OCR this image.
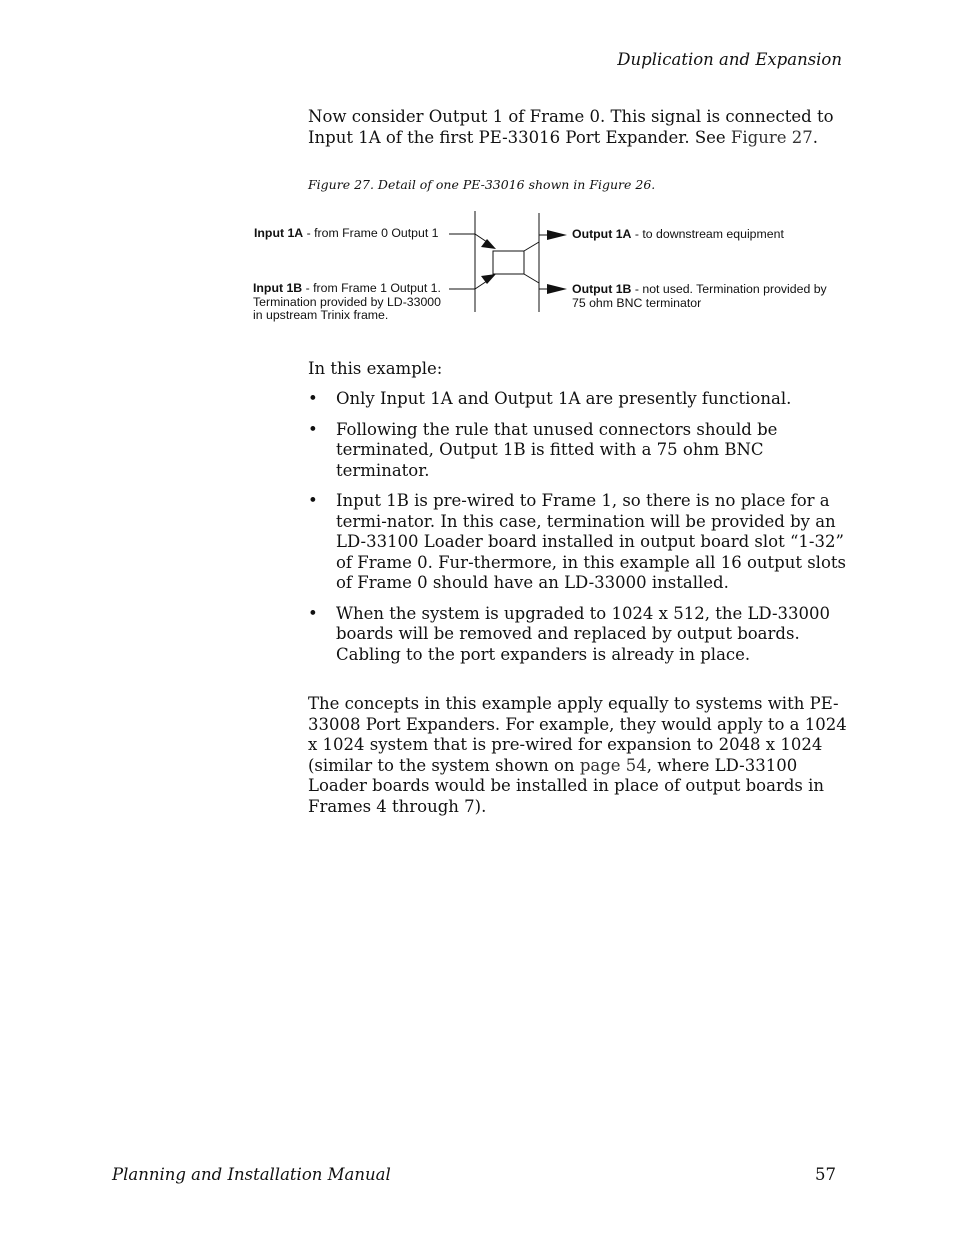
Duplication and Expansion

Now consider Output 1 of Frame 0. This signal is connected to Input 1A of the first PE-33016 Port Expander. See Figure 27.

Figure 27. Detail of one PE-33016 shown in Figure 26.
Input 1A - from Frame 0 Output 1
Input 1B - from Frame 1 Output 1.
Termination provided by LD-33000
in upstream Trinix frame.
Output 1A - to downstream equipment
Output 1B - not used. Termination provided by
75 ohm BNC terminator

In this example:

•	Only Input 1A and Output 1A are presently functional.
•	Following the rule that unused connectors should be terminated, Output 1B is fitted with a 75 ohm BNC terminator.
•	Input 1B is pre-wired to Frame 1, so there is no place for a termi-nator. In this case, termination will be provided by an LD-33100 Loader board installed in output board slot “1-32” of Frame 0. Fur-thermore, in this example all 16 output slots of Frame 0 should have an LD-33000 installed.
•	When the system is upgraded to 1024 x 512, the LD-33000 boards will be removed and replaced by output boards. Cabling to the port expanders is already in place.

The concepts in this example apply equally to systems with PE-33008 Port Expanders. For example, they would apply to a 1024 x 1024 system that is pre-wired for expansion to 2048 x 1024 (similar to the system shown on page 54, where LD-33100 Loader boards would be installed in place of output boards in Frames 4 through 7).

Planning and Installation Manual	57
